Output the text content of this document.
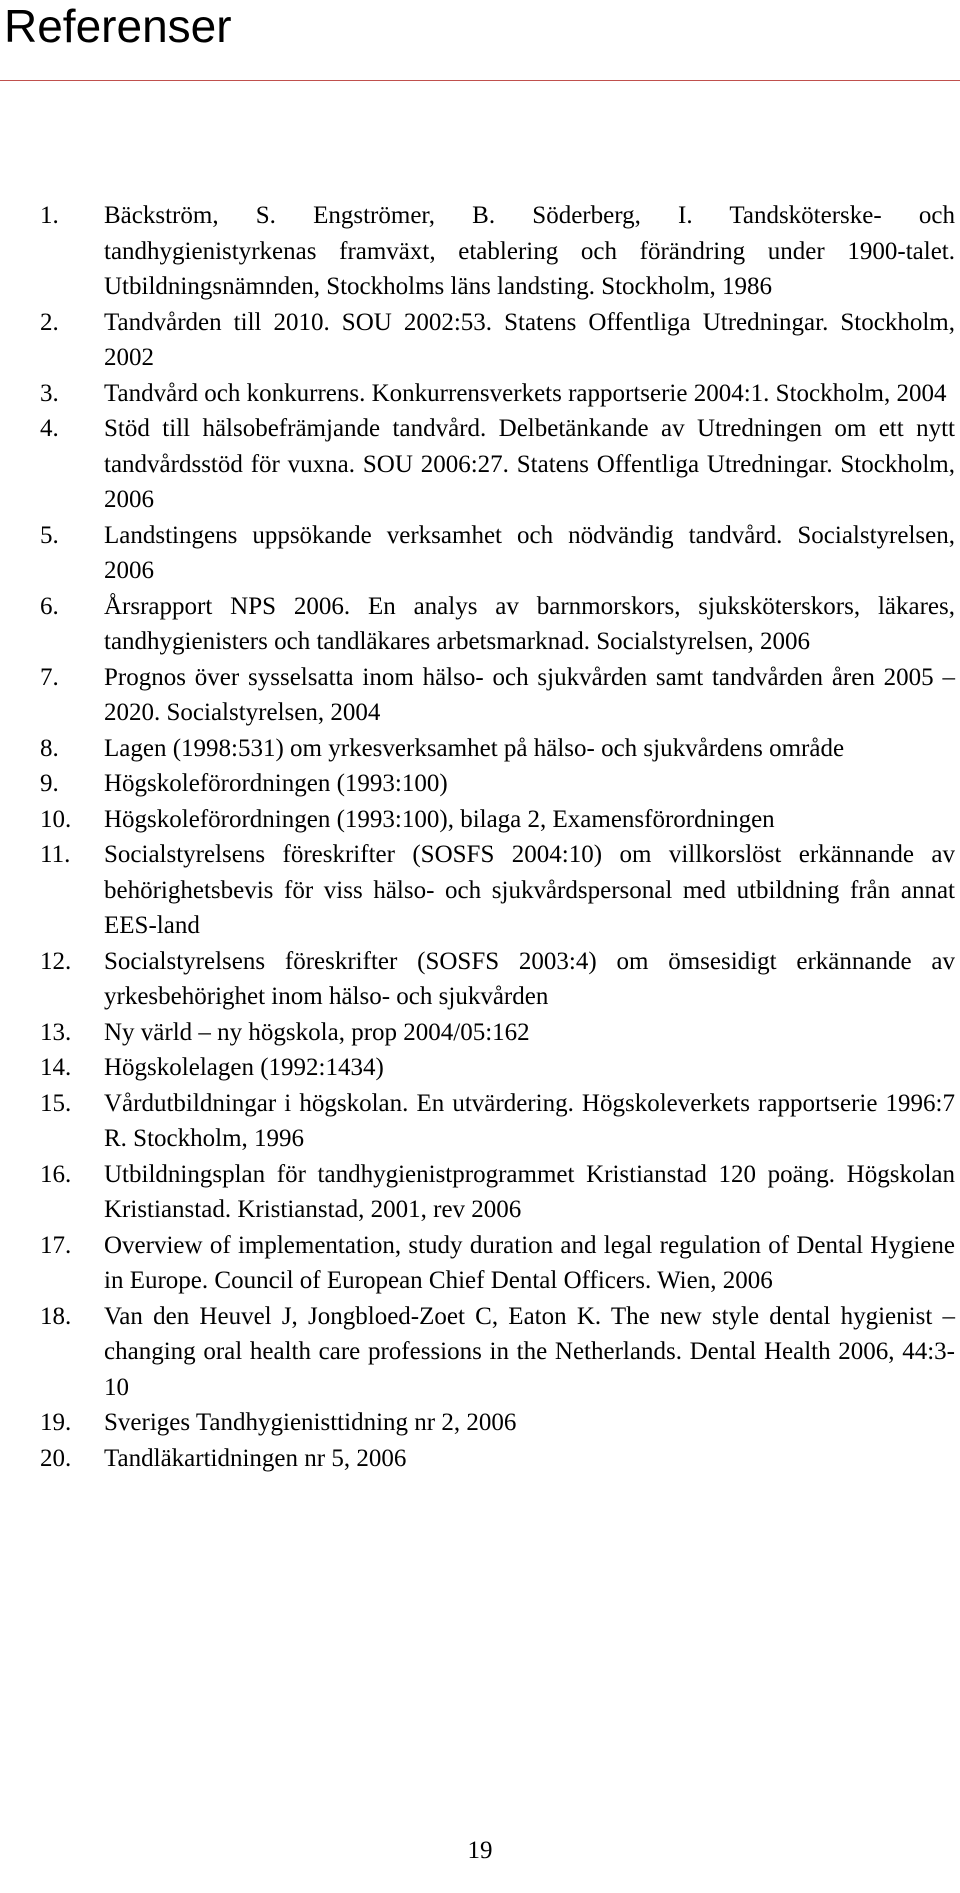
Referenser
1.	Bäckström, S. Engströmer, B. Söderberg, I. Tandsköterske- och tandhygienistyrkenas framväxt, etablering och förändring under 1900-talet. Utbildningsnämnden, Stockholms läns landsting. Stockholm, 1986
2.	Tandvården till 2010. SOU 2002:53. Statens Offentliga Utredningar. Stockholm, 2002
3.	Tandvård och konkurrens. Konkurrensverkets rapportserie 2004:1. Stockholm, 2004
4.	Stöd till hälsobefrämjande tandvård. Delbetänkande av Utredningen om ett nytt tandvårdsstöd för vuxna. SOU 2006:27. Statens Offentliga Utredningar. Stockholm, 2006
5.	Landstingens uppsökande verksamhet och nödvändig tandvård. Socialstyrelsen, 2006
6.	Årsrapport NPS 2006. En analys av barnmorskors, sjuksköterskors, läkares, tandhygienisters och tandläkares arbetsmarknad. Socialstyrelsen, 2006
7.	Prognos över sysselsatta inom hälso- och sjukvården samt tandvården åren 2005 – 2020. Socialstyrelsen, 2004
8.	Lagen (1998:531) om yrkesverksamhet på hälso- och sjukvårdens område
9.	Högskoleförordningen (1993:100)
10.	Högskoleförordningen (1993:100), bilaga 2, Examensförordningen
11.	Socialstyrelsens föreskrifter (SOSFS 2004:10) om villkorslöst erkännande av behörighetsbevis för viss hälso- och sjukvårdspersonal med utbildning från annat EES-land
12.	Socialstyrelsens föreskrifter (SOSFS 2003:4) om ömsesidigt erkännande av yrkesbehörighet inom hälso- och sjukvården
13.	Ny värld – ny högskola, prop 2004/05:162
14.	Högskolelagen (1992:1434)
15.	Vårdutbildningar i högskolan. En utvärdering. Högskoleverkets rapportserie 1996:7 R. Stockholm, 1996
16.	Utbildningsplan för tandhygienistprogrammet Kristianstad 120 poäng. Högskolan Kristianstad. Kristianstad, 2001, rev 2006
17.	Overview of implementation, study duration and legal regulation of Dental Hygiene in Europe. Council of European Chief Dental Officers. Wien, 2006
18.	Van den Heuvel J, Jongbloed-Zoet C, Eaton K. The new style dental hygienist – changing oral health care professions in the Netherlands. Dental Health 2006, 44:3-10
19.	Sveriges Tandhygienisttidning nr 2, 2006
20.	Tandläkartidningen nr 5, 2006
19
